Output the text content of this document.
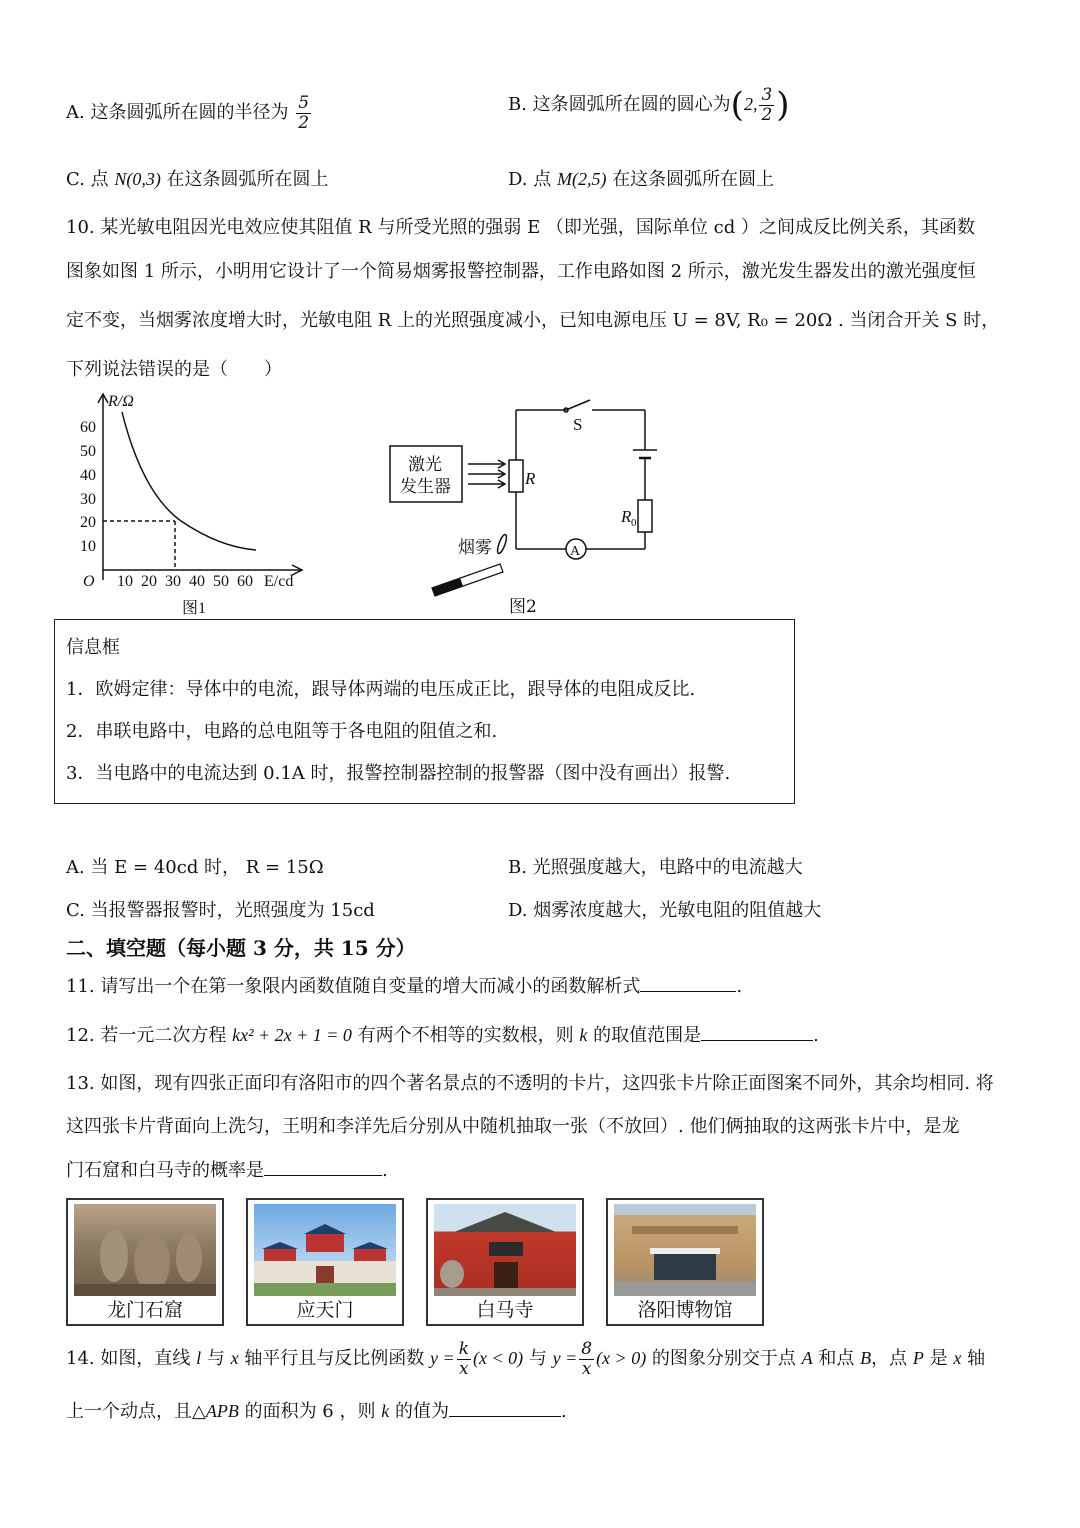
A. 这条圆弧所在圆的半径为 $\frac{5}{2}$	B. 这条圆弧所在圆的圆心为(2, $\frac{3}{2}$ )
C. 点 N(0,3) 在这条圆弧所在圆上	D. 点 M(2,5) 在这条圆弧所在圆上
10. 某光敏电阻因光电效应使其阻值 R 与所受光照的强弱 E （即光强，国际单位 cd ）之间成反比例关系，其函数
图象如图 1 所示，小明用它设计了一个简易烟雾报警控制器，工作电路如图 2 所示，激光发生器发出的激光强度恒
定不变，当烟雾浓度增大时，光敏电阻 R 上的光照强度减小，已知电源电压 U = 8V, R₀ = 20Ω . 当闭合开关 S 时，
下列说法错误的是（　　）
R/Ω
60
50
40
30
20
10
O 10 20 30 40 50 60 E/cd
图1
激光
发生器	R
R 0
S
A
烟雾
图2
信息框
1．欧姆定律：导体中的电流，跟导体两端的电压成正比，跟导体的电阻成反比.
2．串联电路中，电路的总电阻等于各电阻的阻值之和.
3．当电路中的电流达到 0.1A 时，报警控制器控制的报警器（图中没有画出）报警.
A. 当 E = 40cd 时， R = 15Ω	B. 光照强度越大，电路中的电流越大
C. 当报警器报警时，光照强度为 15cd	D. 烟雾浓度越大，光敏电阻的阻值越大
二、填空题（每小题 3 分，共 15 分）
11. 请写出一个在第一象限内函数值随自变量的增大而减小的函数解析式	.
12. 若一元二次方程 kx² + 2x + 1 = 0 有两个不相等的实数根，则 k 的取值范围是	.
13. 如图，现有四张正面印有洛阳市的四个著名景点的不透明的卡片，这四张卡片除正面图案不同外，其余均相同. 将
这四张卡片背面向上洗匀，王明和李洋先后分别从中随机抽取一张（不放回）. 他们俩抽取的这两张卡片中，是龙
门石窟和白马寺的概率是	.
龙门石窟	应天门	白马寺	洛阳博物馆
14. 如图，直线 l 与 x 轴平行且与反比例函数 $y = \frac{k}{x} (x < 0)$ 与 $y = \frac{8}{x} (x > 0)$ 的图象分别交于点 A 和点 B，点 P 是 x 轴
上一个动点，且△APB 的面积为 6 ，则 k 的值为	.
